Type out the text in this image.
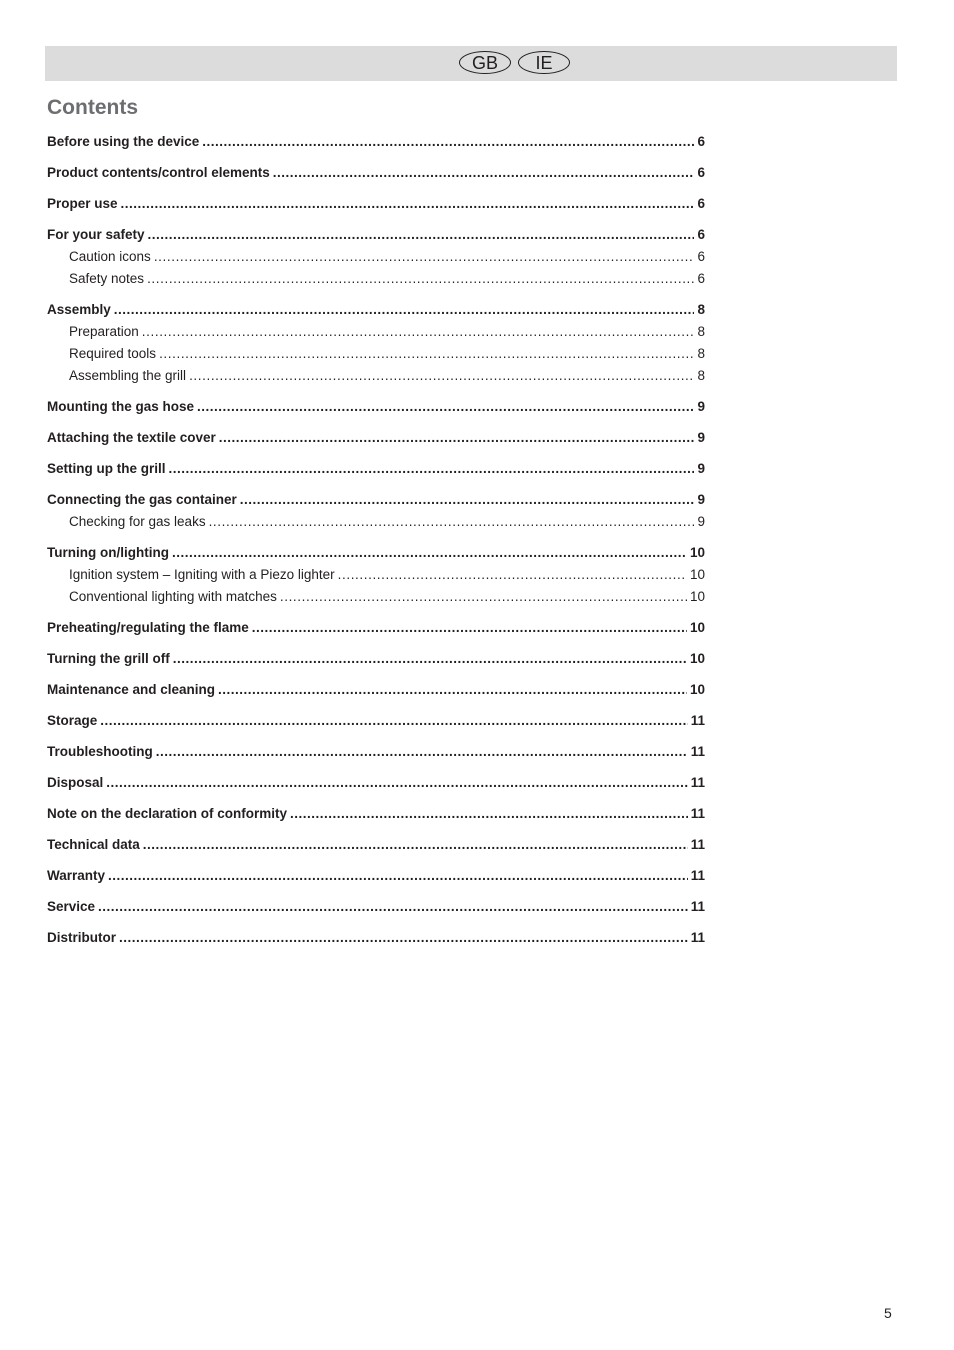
GB	IE
Contents
Before using the device .....	6
Product contents/control elements .....	6
Proper use .....	6
For your safety .....	6
Caution icons .....	6
Safety notes .....	6
Assembly .....	8
Preparation .....	8
Required tools .....	8
Assembling the grill .....	8
Mounting the gas hose .....	9
Attaching the textile cover .....	9
Setting up the grill .....	9
Connecting the gas container .....	9
Checking for gas leaks .....	9
Turning on/lighting .....	10
Ignition system – Igniting with a Piezo lighter .....	10
Conventional lighting with matches .....	10
Preheating/regulating the flame .....	10
Turning the grill off .....	10
Maintenance and cleaning .....	10
Storage .....	11
Troubleshooting .....	11
Disposal .....	11
Note on the declaration of conformity .....	11
Technical data .....	11
Warranty .....	11
Service .....	11
Distributor .....	11
5
